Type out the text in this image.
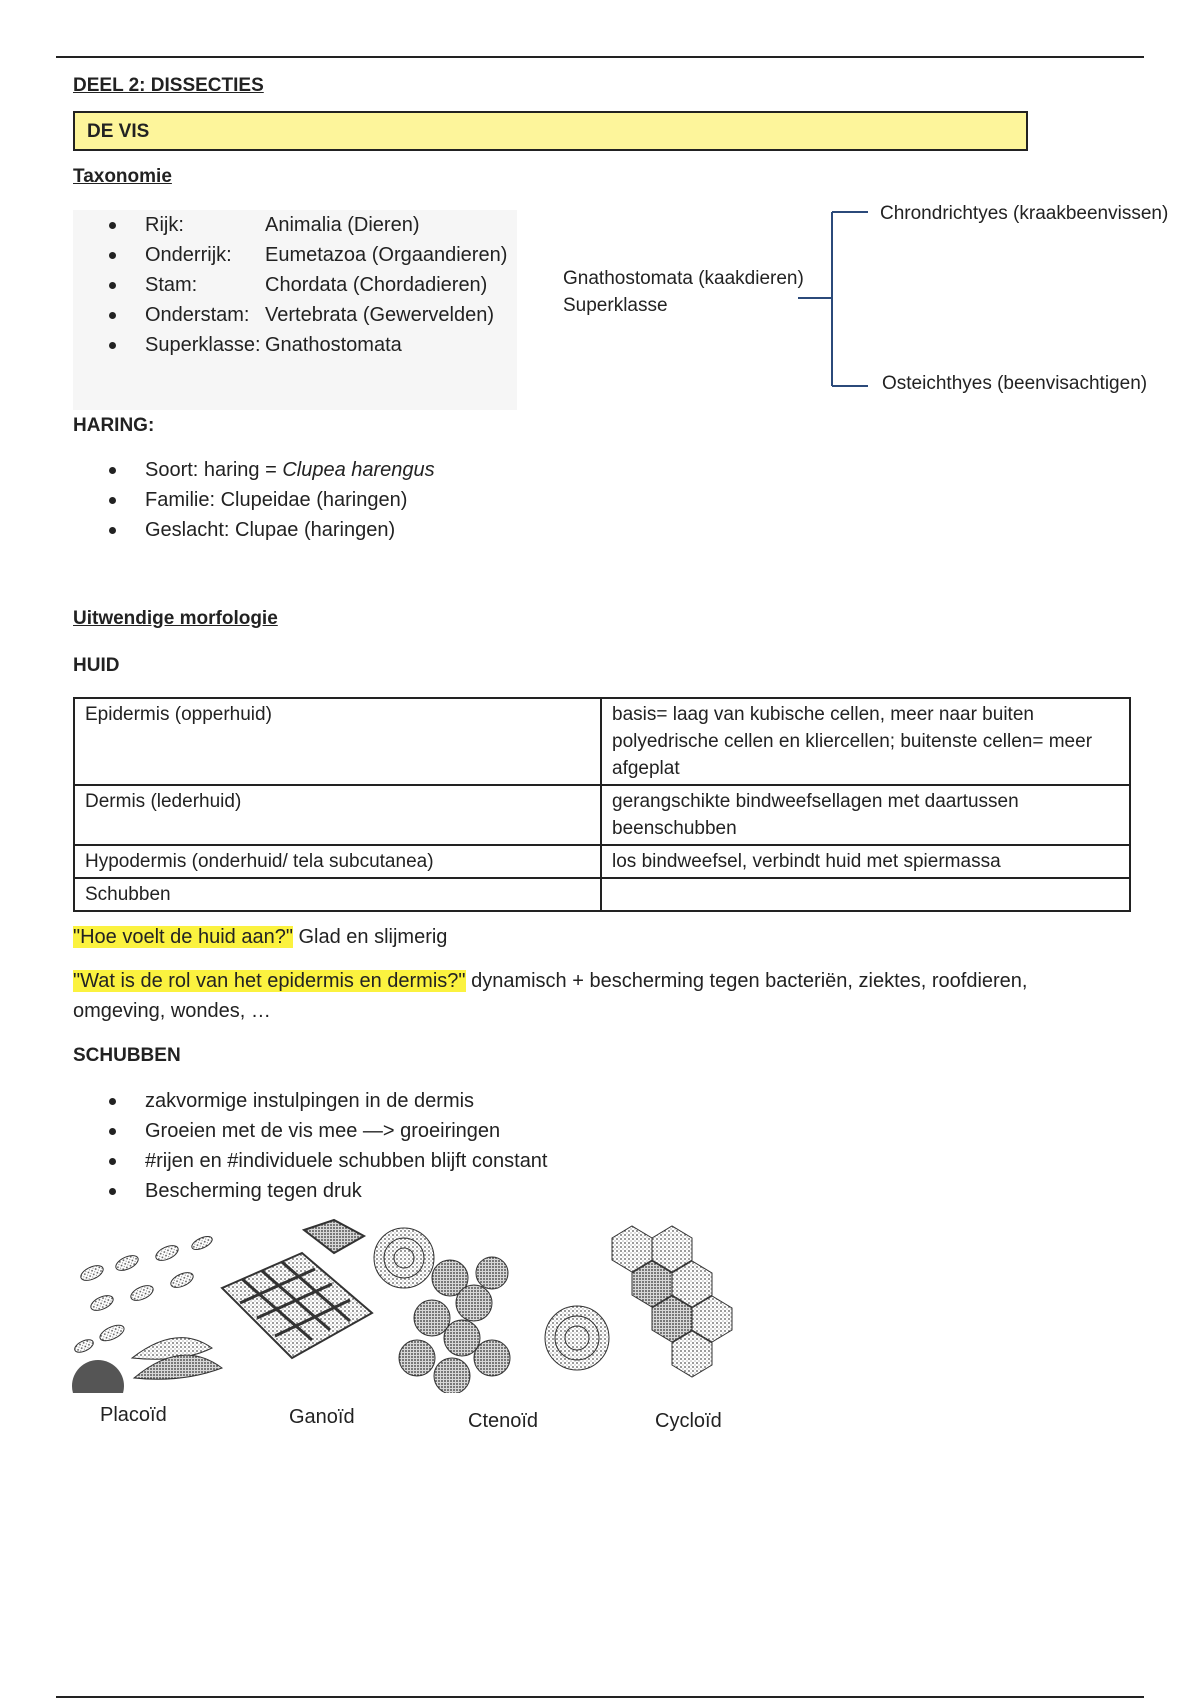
DEEL 2: DISSECTIES
DE VIS
Taxonomie
Rijk:	Animalia (Dieren)
Onderrijk: Eumetazoa (Orgaandieren)
Stam:	Chordata (Chordadieren)
Onderstam: Vertebrata (Gewervelden)
Superklasse: Gnathostomata
Gnathostomata (kaakdieren)
Superklasse
Chrondrichtyes (kraakbeenvissen)
Osteichthyes (beenvisachtigen)
HARING:
Soort: haring = Clupea harengus
Familie: Clupeidae (haringen)
Geslacht: Clupae (haringen)
Uitwendige morfologie
HUID
Epidermis (opperhuid)	basis= laag van kubische cellen, meer naar buiten polyedrische cellen en kliercellen; buitenste cellen= meer afgeplat
Dermis (lederhuid)	gerangschikte bindweefsellagen met daartussen beenschubben
Hypodermis (onderhuid/ tela subcutanea)	los bindweefsel, verbindt huid met spiermassa
Schubben	
"Hoe voelt de huid aan?" Glad en slijmerig
"Wat is de rol van het epidermis en dermis?" dynamisch + bescherming tegen bacteriën, ziektes, roofdieren,
omgeving, wondes, …
SCHUBBEN
zakvormige instulpingen in de dermis
Groeien met de vis mee —> groeiringen
#rijen en #individuele schubben blijft constant
Bescherming tegen druk
Placoïd	Ganoïd	Ctenoïd	Cycloïd
